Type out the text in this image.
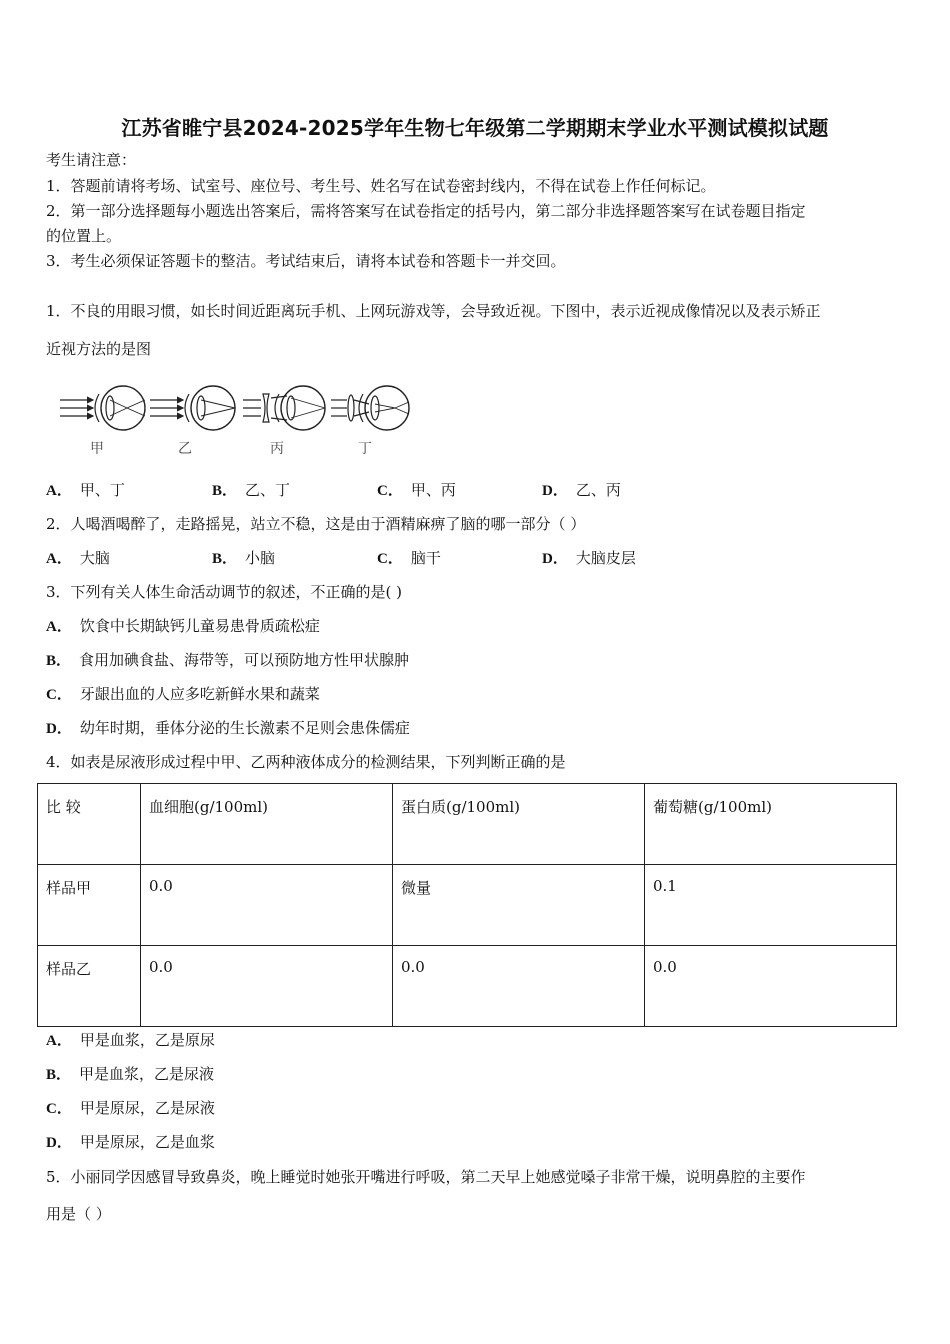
江苏省睢宁县2024-2025学年生物七年级第二学期期末学业水平测试模拟试题
考生请注意：
1．答题前请将考场、试室号、座位号、考生号、姓名写在试卷密封线内，不得在试卷上作任何标记。
2．第一部分选择题每小题选出答案后，需将答案写在试卷指定的括号内，第二部分非选择题答案写在试卷题目指定
的位置上。
3．考生必须保证答题卡的整洁。考试结束后，请将本试卷和答题卡一并交回。
1．不良的用眼习惯，如长时间近距离玩手机、上网玩游戏等，会导致近视。下图中，表示近视成像情况以及表示矫正
近视方法的是图
甲	乙	丙	丁
A． 甲、丁	B． 乙、丁	C． 甲、丙	D． 乙、丙
2．人喝酒喝醉了，走路摇晃，站立不稳，这是由于酒精麻痹了脑的哪一部分（ ）
A． 大脑	B． 小脑	C． 脑干	D． 大脑皮层
3．下列有关人体生命活动调节的叙述，不正确的是( )
A． 饮食中长期缺钙儿童易患骨质疏松症
B． 食用加碘食盐、海带等，可以预防地方性甲状腺肿
C． 牙龈出血的人应多吃新鲜水果和蔬菜
D． 幼年时期，垂体分泌的生长激素不足则会患侏儒症
4．如表是尿液形成过程中甲、乙两种液体成分的检测结果，下列判断正确的是
比 较	血细胞(g/100ml)	蛋白质(g/100ml)	葡萄糖(g/100ml)
样品甲	0.0	微量	0.1
样品乙	0.0	0.0	0.0
A． 甲是血浆，乙是原尿
B． 甲是血浆，乙是尿液
C． 甲是原尿，乙是尿液
D． 甲是原尿，乙是血浆
5．小丽同学因感冒导致鼻炎，晚上睡觉时她张开嘴进行呼吸，第二天早上她感觉嗓子非常干燥，说明鼻腔的主要作
用是（ ）
